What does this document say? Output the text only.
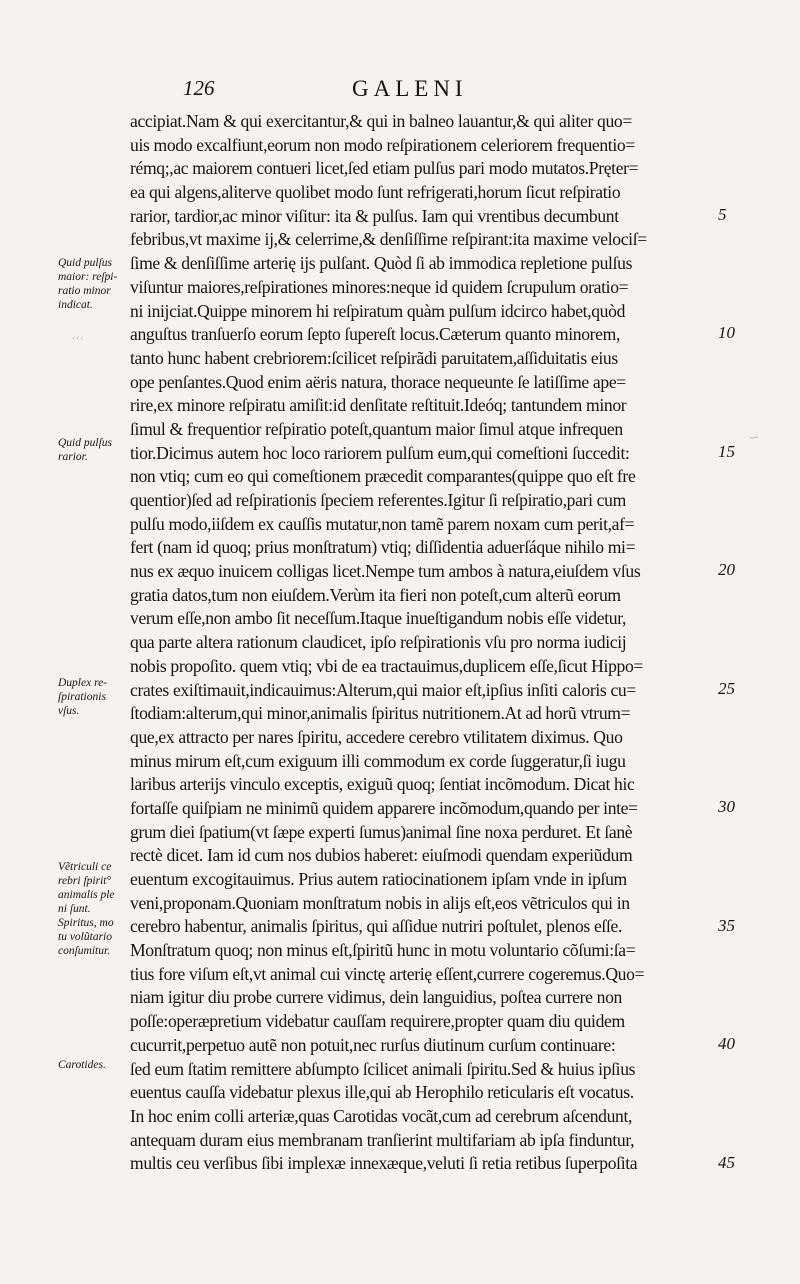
‹‹‹
∽
126	GALENI
accipiat.Nam & qui exercitantur,& qui in balneo lauantur,& qui aliter quo=
uis modo excalfiunt,eorum non modo reſpirationem celeriorem frequentio=
rémq;,ac maiorem contueri licet,ſed etiam pulſus pari modo mutatos.Pręter=
ea qui algens,aliterve quolibet modo ſunt refrigerati,horum ſicut reſpiratio
rarior, tardior,ac minor viſitur: ita & pulſus. Iam qui vrentibus decumbunt
febribus,vt maxime ij,& celerrime,& denſiſſime reſpirant:ita maxime velociſ=
ſime & denſiſſime arterię ijs pulſant. Quòd ſi ab immodica repletione pulſus
viſuntur maiores,reſpirationes minores:neque id quidem ſcrupulum oratio=
ni inijciat.Quippe minorem hi reſpiratum quàm pulſum idcirco habet,quòd
anguſtus tranſuerſo eorum ſepto ſupereſt locus.Cæterum quanto minorem,
tanto hunc habent crebriorem:ſcilicet reſpirãdi paruitatem,aſſiduitatis eius
ope penſantes.Quod enim aëris natura, thorace nequeunte ſe latiſſime ape=
rire,ex minore reſpiratu amiſit:id denſitate reſtituit.Ideóq; tantundem minor
ſimul & frequentior reſpiratio poteſt,quantum maior ſimul atque infrequen
tior.Dicimus autem hoc loco rariorem pulſum eum,qui comeſtioni ſuccedit:
non vtiq; cum eo qui comeſtionem præcedit comparantes(quippe quo eſt fre
quentior)ſed ad reſpirationis ſpeciem referentes.Igitur ſi reſpiratio,pari cum
pulſu modo,iiſdem ex cauſſis mutatur,non tamẽ parem noxam cum perit,af=
fert (nam id quoq; prius monſtratum) vtiq; diſſidentia aduerſáque nihilo mi=
nus ex æquo inuicem colligas licet.Nempe tum ambos à natura,eiuſdem vſus
gratia datos,tum non eiuſdem.Verùm ita fieri non poteſt,cum alterũ eorum
verum eſſe,non ambo ſit neceſſum.Itaque inueſtigandum nobis eſſe videtur,
qua parte altera rationum claudicet, ipſo reſpirationis vſu pro norma iudicij
nobis propoſito. quem vtiq; vbi de ea tractauimus,duplicem eſſe,ſicut Hippo=
crates exiſtimauit,indicauimus:Alterum,qui maior eſt,ipſius inſiti caloris cu=
ſtodiam:alterum,qui minor,animalis ſpiritus nutritionem.At ad horũ vtrum=
que,ex attracto per nares ſpiritu, accedere cerebro vtilitatem diximus. Quo
minus mirum eſt,cum exiguum illi commodum ex corde ſuggeratur,ſi iugu
laribus arterijs vinculo exceptis, exiguũ quoq; ſentiat incõmodum. Dicat hic
fortaſſe quiſpiam ne minimũ quidem apparere incõmodum,quando per inte=
grum diei ſpatium(vt ſæpe experti ſumus)animal ſine noxa perduret. Et ſanè
rectè dicet. Iam id cum nos dubios haberet: eiuſmodi quendam experiũdum
euentum excogitauimus. Prius autem ratiocinationem ipſam vnde in ipſum
veni,proponam.Quoniam monſtratum nobis in alijs eſt,eos vẽtriculos qui in
cerebro habentur, animalis ſpiritus, qui aſſidue nutriri poſtulet, plenos eſſe.
Monſtratum quoq; non minus eſt,ſpiritũ hunc in motu voluntario cõſumi:ſa=
tius fore viſum eſt,vt animal cui vinctę arterię eſſent,currere cogeremus.Quo=
niam igitur diu probe currere vidimus, dein languidius, poſtea currere non
poſſe:operæpretium videbatur cauſſam requirere,propter quam diu quidem
cucurrit,perpetuo autẽ non potuit,nec rurſus diutinum curſum continuare:
ſed eum ſtatim remittere abſumpto ſcilicet animali ſpiritu.Sed & huius ipſius
euentus cauſſa videbatur plexus ille,qui ab Herophilo reticularis eſt vocatus.
In hoc enim colli arteriæ,quas Carotidas vocãt,cum ad cerebrum aſcendunt,
antequam duram eius membranam tranſierint multifariam ab ipſa finduntur,
multis ceu verſibus ſibi implexæ innexæque,veluti ſi retia retibus ſuperpoſita
5
10
15
20
25
30
35
40
45
Quid pulſus
maior: reſpi-
ratio minor
indicat.
Quid pulſus
rarior.
Duplex re-
ſpirationis
vſus.
Vẽtriculi ce
rebri ſpirit°
animalis ple
ni ſunt.
Spiritus, mo
tu volũtario
conſumitur.
Carotides.
